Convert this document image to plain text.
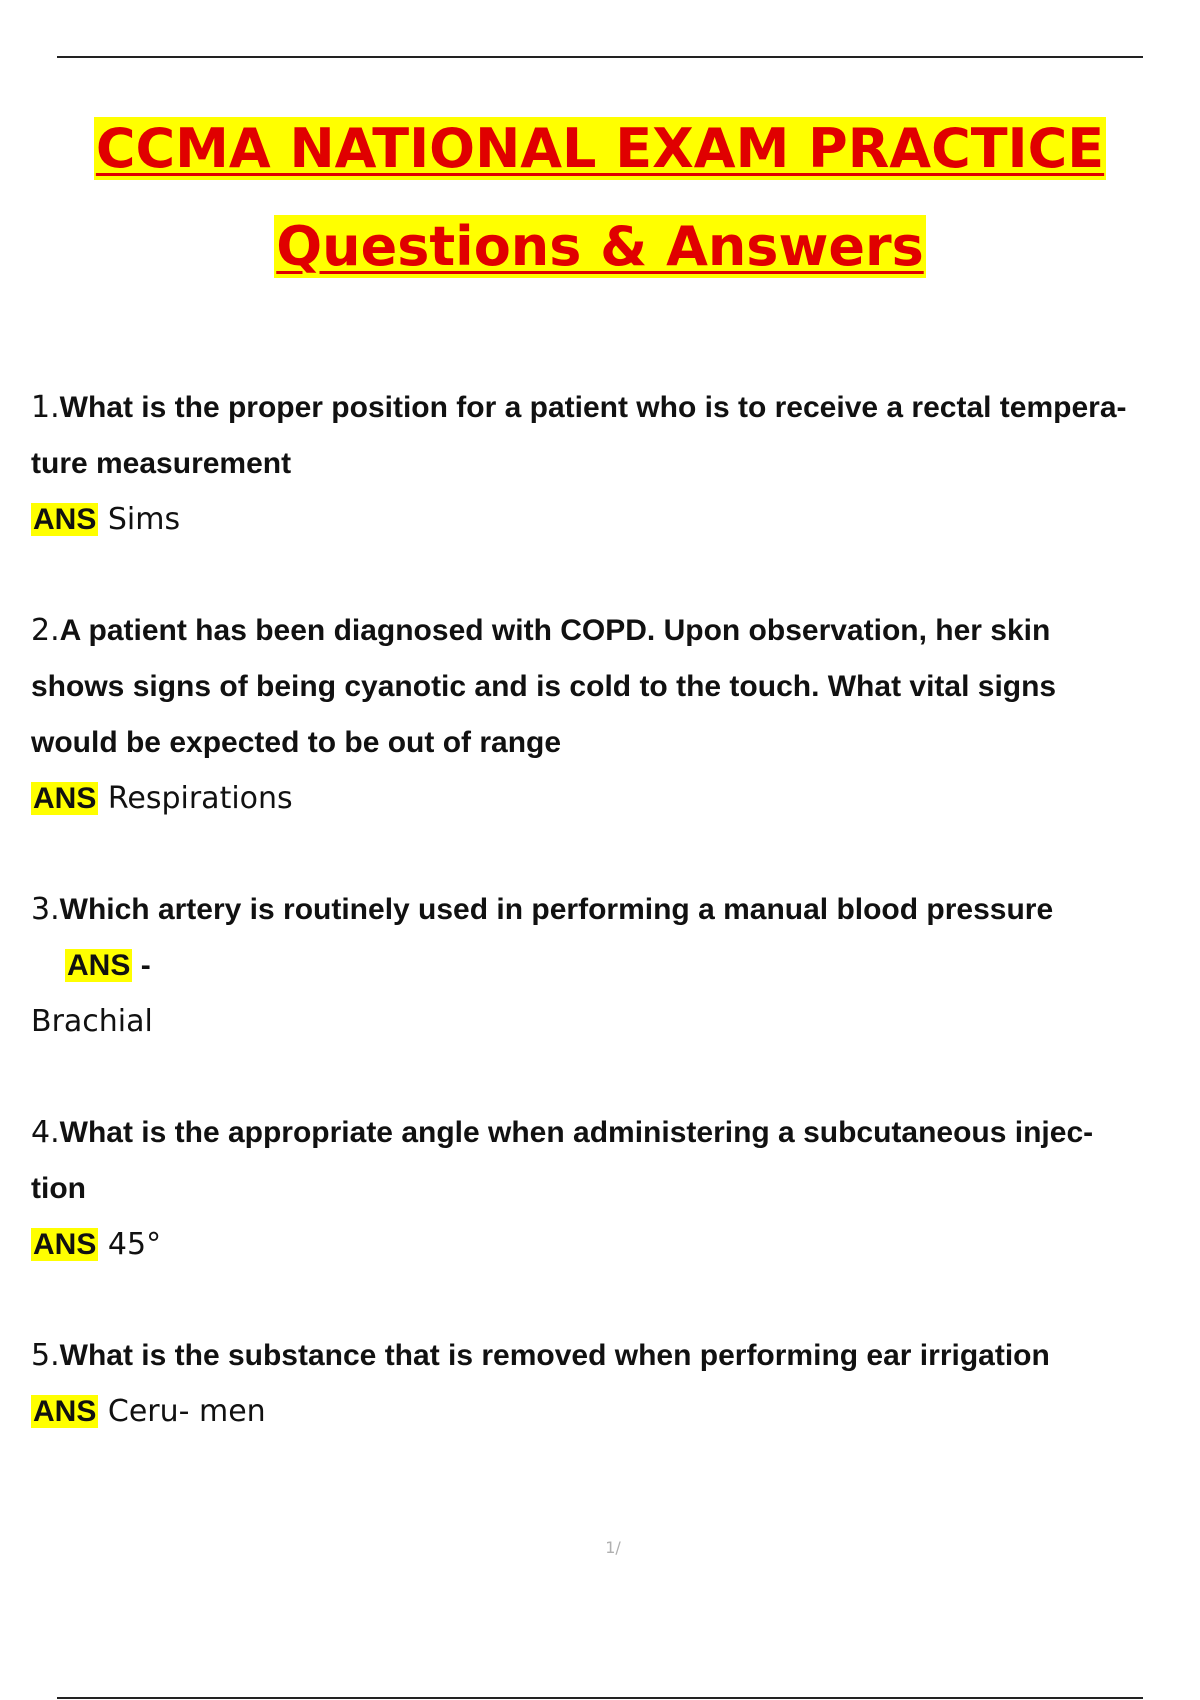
CCMA NATIONAL EXAM PRACTICE
Questions & Answers
1.What is the proper position for a patient who is to receive a rectal tempera- ture measurement
ANS Sims
2.A patient has been diagnosed with COPD. Upon observation, her skin shows signs of being cyanotic and is cold to the touch. What vital signs would be expected to be out of range
ANS Respirations
3.Which artery is routinely used in performing a manual blood pressure
ANS -
Brachial
4.What is the appropriate angle when administering a subcutaneous injec- tion
ANS 45°
5.What is the substance that is removed when performing ear irrigation
ANS Ceru- men
1/
